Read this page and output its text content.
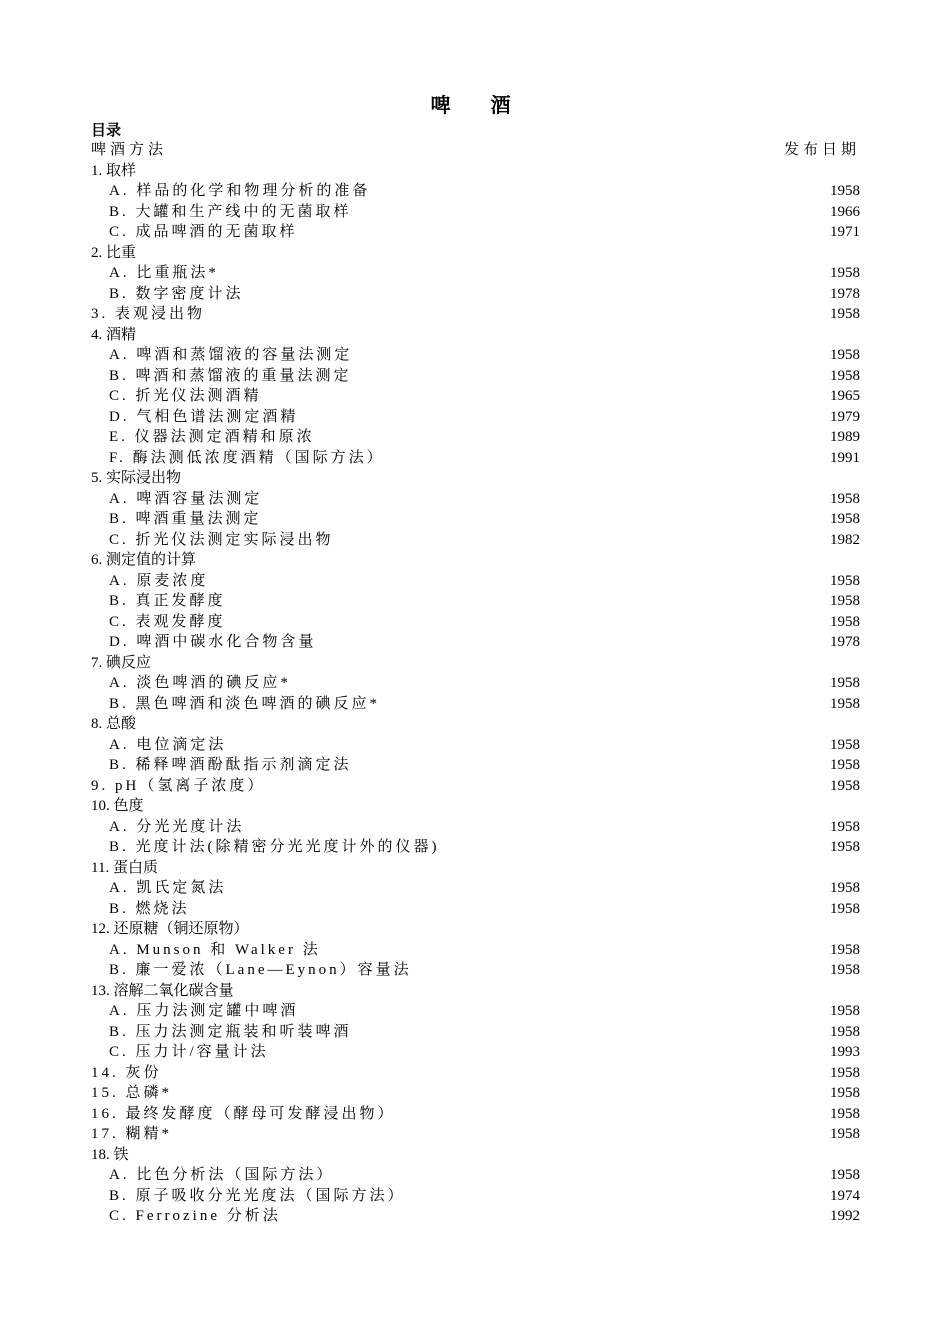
啤　酒
目录
啤酒方法	发布日期
1. 取样
A. 样品的化学和物理分析的准备	1958
B. 大罐和生产线中的无菌取样	1966
C. 成品啤酒的无菌取样	1971
2. 比重
A. 比重瓶法*	1958
B. 数字密度计法	1978
3. 表观浸出物	1958
4. 酒精
A. 啤酒和蒸馏液的容量法测定	1958
B. 啤酒和蒸馏液的重量法测定	1958
C. 折光仪法测酒精	1965
D. 气相色谱法测定酒精	1979
E. 仪器法测定酒精和原浓	1989
F. 酶法测低浓度酒精（国际方法）	1991
5. 实际浸出物
A. 啤酒容量法测定	1958
B. 啤酒重量法测定	1958
C. 折光仪法测定实际浸出物	1982
6. 测定值的计算
A. 原麦浓度	1958
B. 真正发酵度	1958
C. 表观发酵度	1958
D. 啤酒中碳水化合物含量	1978
7. 碘反应
A. 淡色啤酒的碘反应*	1958
B. 黑色啤酒和淡色啤酒的碘反应*	1958
8. 总酸
A. 电位滴定法	1958
B. 稀释啤酒酚酞指示剂滴定法	1958
9. pH（氢离子浓度）	1958
10. 色度
A. 分光光度计法	1958
B. 光度计法(除精密分光光度计外的仪器)	1958
11. 蛋白质
A. 凯氏定氮法	1958
B. 燃烧法	1958
12. 还原糖（铜还原物）
A. Munson 和 Walker 法	1958
B. 廉一爱浓（Lane—Eynon）容量法	1958
13. 溶解二氧化碳含量
A. 压力法测定罐中啤酒	1958
B. 压力法测定瓶装和听装啤酒	1958
C. 压力计/容量计法	1993
14. 灰份	1958
15. 总磷*	1958
16. 最终发酵度（酵母可发酵浸出物）	1958
17. 糊精*	1958
18. 铁
A. 比色分析法（国际方法）	1958
B. 原子吸收分光光度法（国际方法）	1974
C. Ferrozine 分析法	1992
